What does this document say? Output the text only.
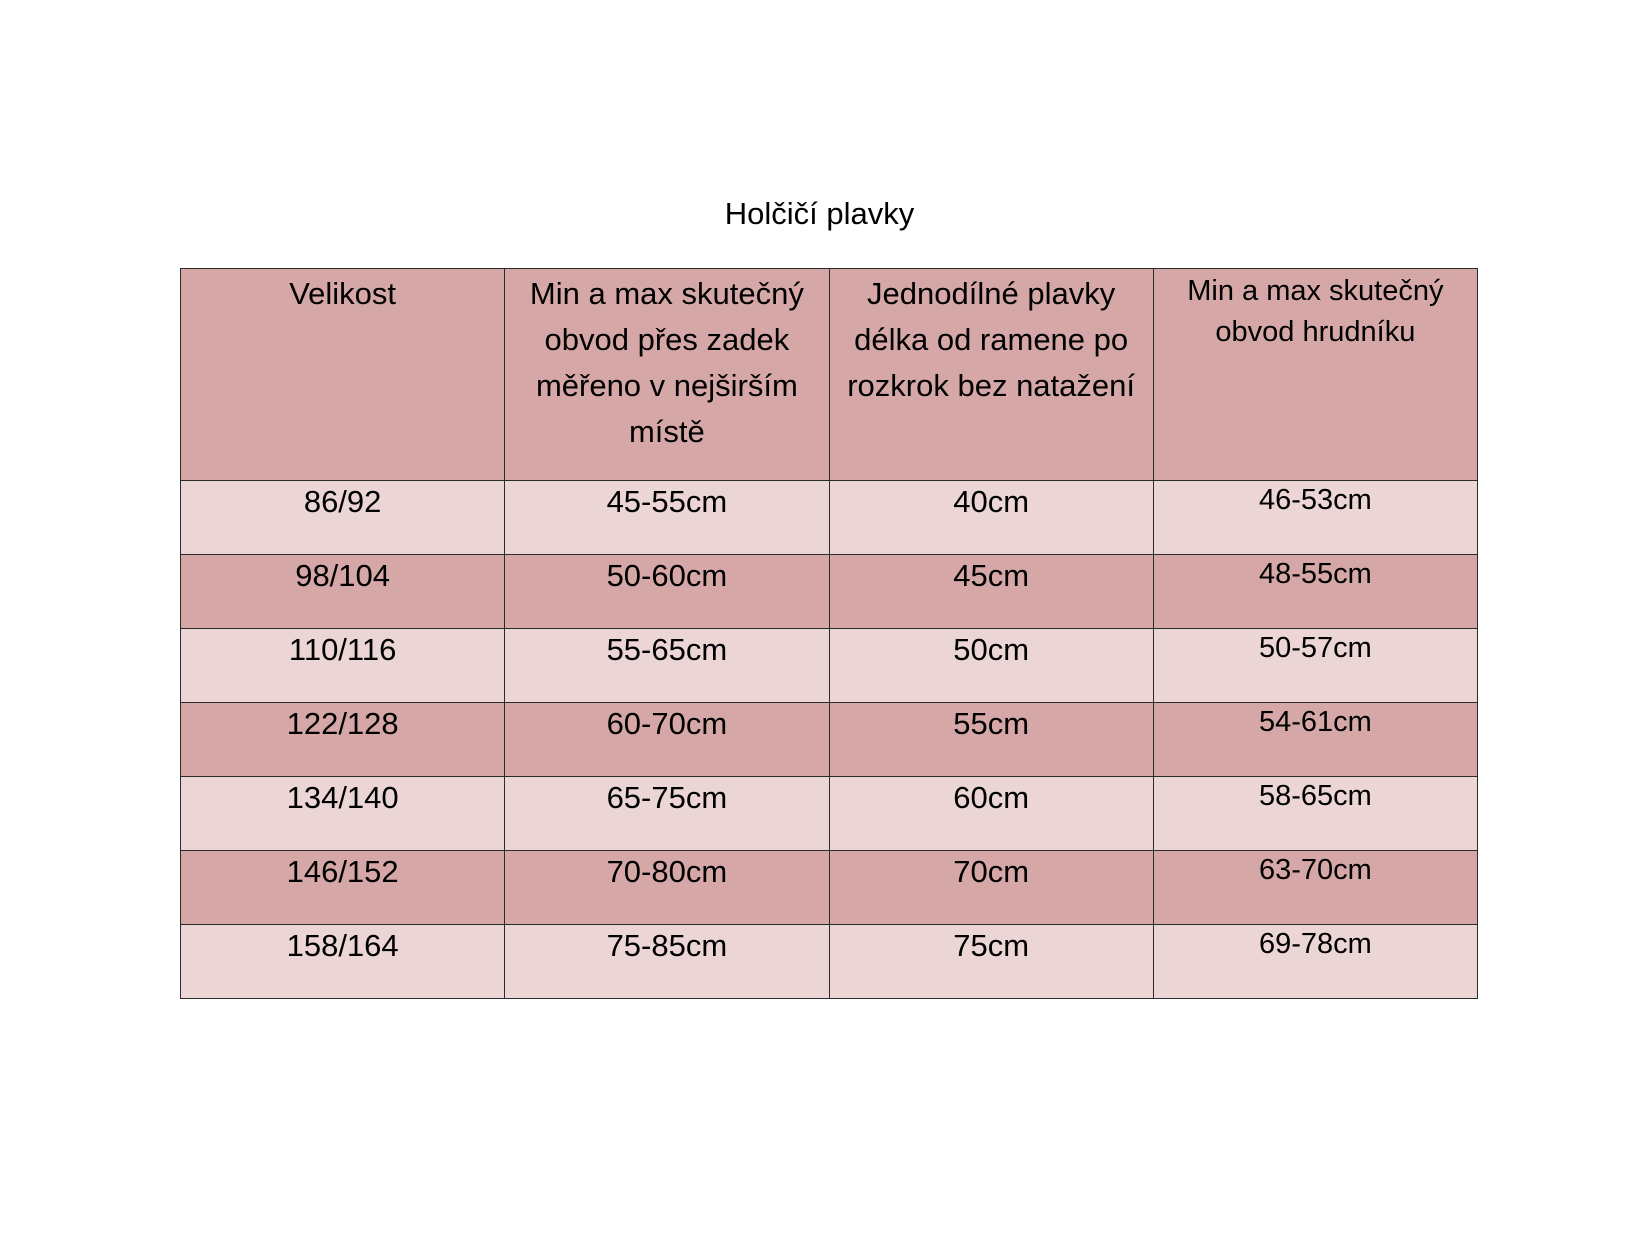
Holčičí plavky
Velikost	Min a max skutečný obvod přes zadek měřeno v nejširším místě	Jednodílné plavky délka od ramene po rozkrok bez natažení	Min a max skutečný obvod hrudníku
86/92	45-55cm	40cm	46-53cm
98/104	50-60cm	45cm	48-55cm
110/116	55-65cm	50cm	50-57cm
122/128	60-70cm	55cm	54-61cm
134/140	65-75cm	60cm	58-65cm
146/152	70-80cm	70cm	63-70cm
158/164	75-85cm	75cm	69-78cm
